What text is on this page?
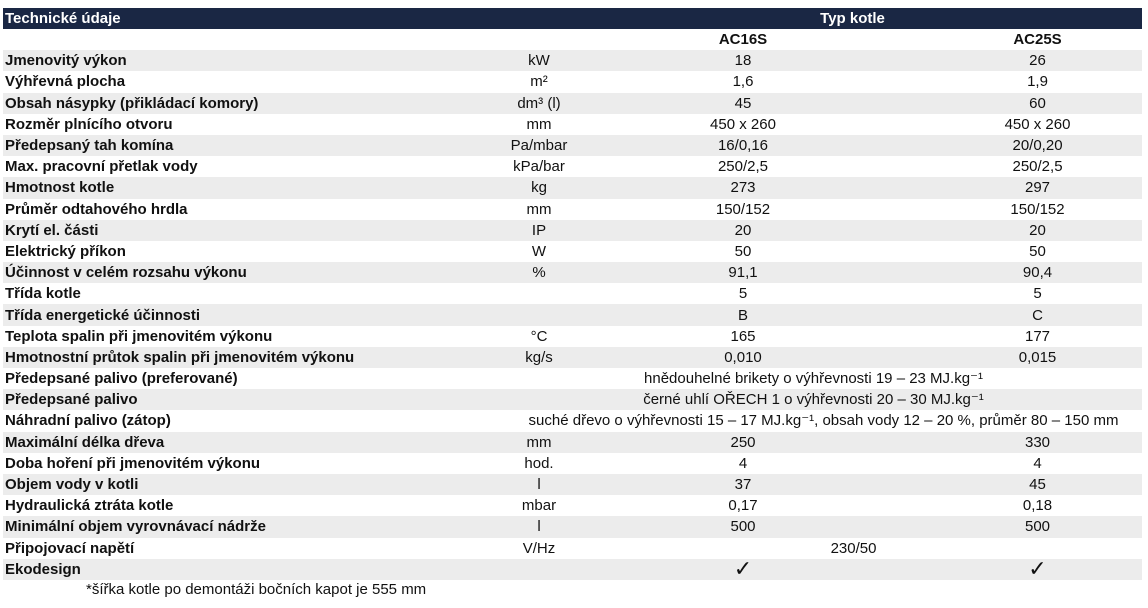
Technické údaje		Typ kotle	
		AC16S	AC25S
Jmenovitý výkon	kW	18	26
Výhřevná plocha	m²	1,6	1,9
Obsah násypky (přikládací komory)	dm³ (l)	45	60
Rozměr plnícího otvoru	mm	450 x 260	450 x 260
Předepsaný tah komína	Pa/mbar	16/0,16	20/0,20
Max. pracovní přetlak vody	kPa/bar	250/2,5	250/2,5
Hmotnost kotle	kg	273	297
Průměr odtahového hrdla	mm	150/152	150/152
Krytí el. části	IP	20	20
Elektrický příkon	W	50	50
Účinnost v celém rozsahu výkonu	%	91,1	90,4
Třída kotle		5	5
Třída energetické účinnosti		B	C
Teplota spalin při jmenovitém výkonu	°C	165	177
Hmotnostní průtok spalin při jmenovitém výkonu	kg/s	0,010	0,015
Předepsané palivo (preferované)	hnědouhelné brikety o výhřevnosti 19 – 23 MJ.kg⁻¹		
Předepsané palivo	černé uhlí OŘECH 1 o výhřevnosti 20 – 30 MJ.kg⁻¹		
Náhradní palivo (zátop)	suché dřevo o výhřevnosti 15 – 17 MJ.kg⁻¹, obsah vody 12 – 20 %, průměr 80 – 150 mm		
Maximální délka dřeva	mm	250	330
Doba hoření při jmenovitém výkonu	hod.	4	4
Objem vody v kotli	l	37	45
Hydraulická ztráta kotle	mbar	0,17	0,18
Minimální objem vyrovnávací nádrže	l	500	500
Připojovací napětí	V/Hz	230/50	
Ekodesign		✓	✓
*šířka kotle po demontáži bočních kapot je 555 mm
